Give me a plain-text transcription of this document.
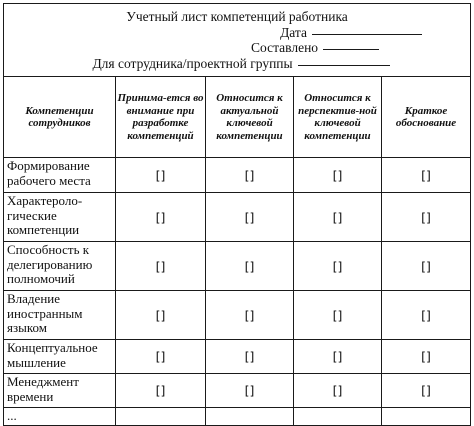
Учетный лист компетенций работника
Дата
Составлено
Для сотрудника/проектной группы				

Компетенции сотрудников	Принима-ется во внимание при разработке компетенций	Относится к актуальной ключевой компетенции	Относится к перспектив-ной ключевой компетенции	Краткое обоснование
Формирование рабочего места	[]	[]	[]	[]
Характероло-гические компетенции	[]	[]	[]	[]
Способность к делегированию полномочий	[]	[]	[]	[]
Владение иностранным языком	[]	[]	[]	[]
Концептуальное мышление	[]	[]	[]	[]
Менеджмент времени	[]	[]	[]	[]
...				
